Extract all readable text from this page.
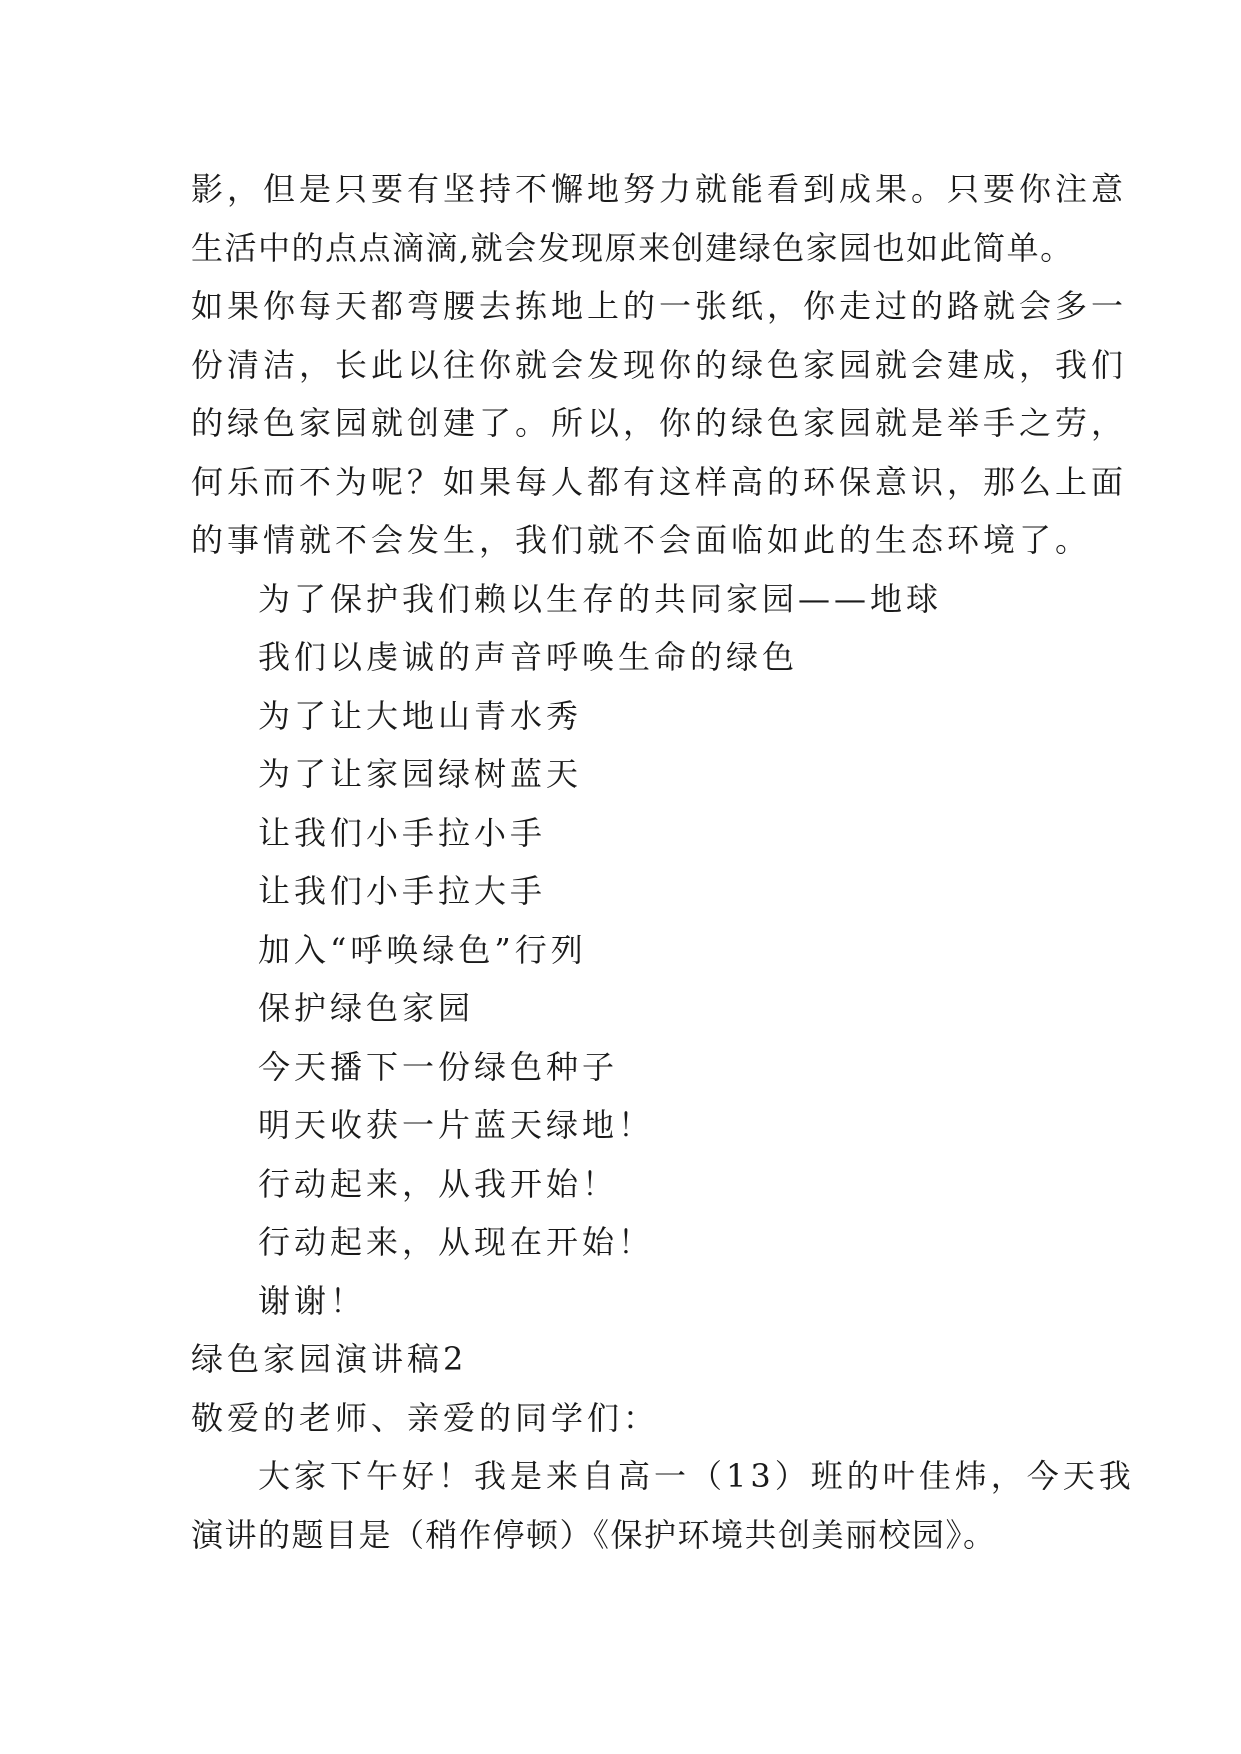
影，但是只要有坚持不懈地努力就能看到成果。只要你注意

生活中的点点滴滴,就会发现原来创建绿色家园也如此简单。

如果你每天都弯腰去拣地上的一张纸，你走过的路就会多一

份清洁，长此以往你就会发现你的绿色家园就会建成，我们

的绿色家园就创建了。所以，你的绿色家园就是举手之劳，

何乐而不为呢？如果每人都有这样高的环保意识，那么上面

的事情就不会发生，我们就不会面临如此的生态环境了。

为了保护我们赖以生存的共同家园——地球

我们以虔诚的声音呼唤生命的绿色

为了让大地山青水秀

为了让家园绿树蓝天

让我们小手拉小手

让我们小手拉大手

加入“呼唤绿色”行列

保护绿色家园

今天播下一份绿色种子

明天收获一片蓝天绿地！

行动起来，从我开始！

行动起来，从现在开始！

谢谢！

绿色家园演讲稿2

敬爱的老师、亲爱的同学们：

大家下午好！我是来自高一（13）班的叶佳炜，今天我

演讲的题目是（稍作停顿）《保护环境共创美丽校园》。
